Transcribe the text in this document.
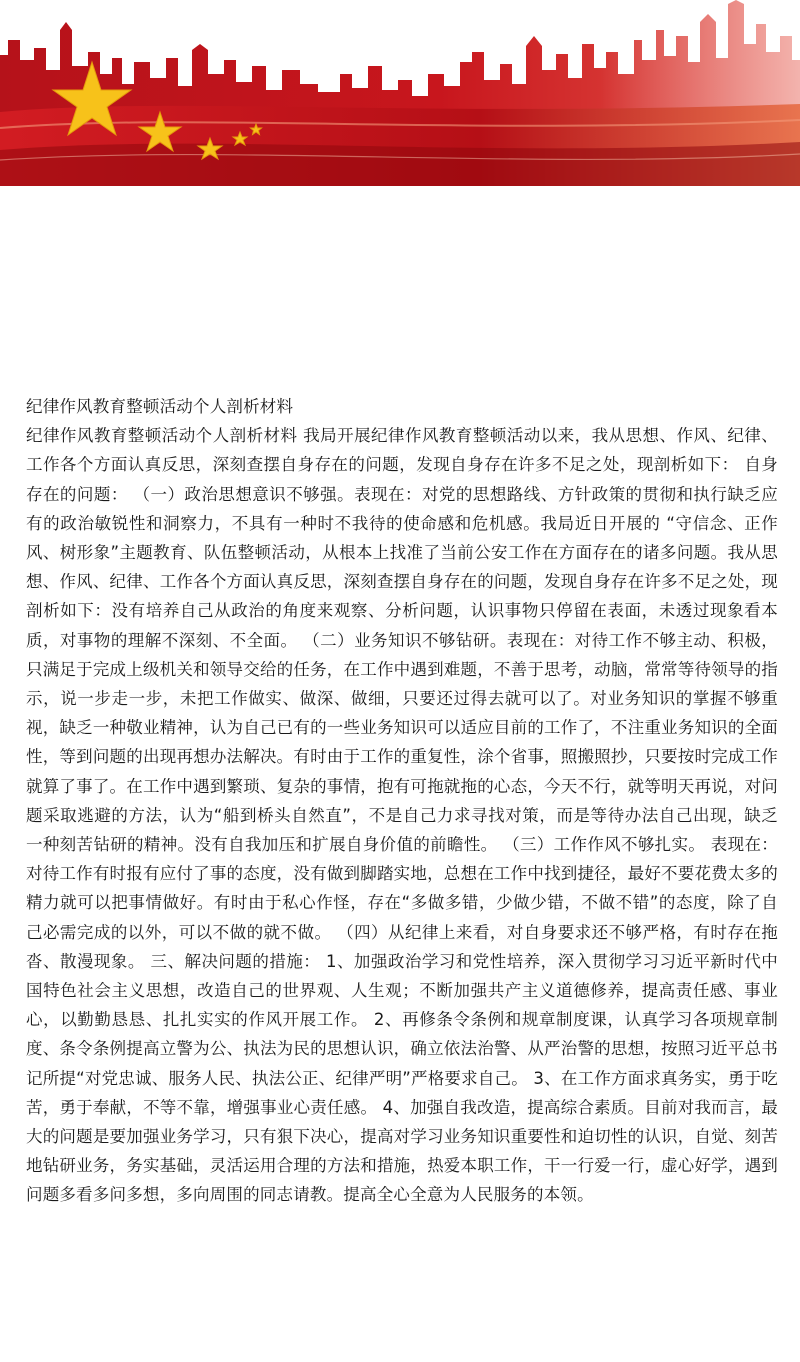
纪律作风教育整顿活动个人剖析材料

纪律作风教育整顿活动个人剖析材料 我局开展纪律作风教育整顿活动以来，我从思想、作风、纪律、工作各个方面认真反思，深刻查摆自身存在的问题，发现自身存在许多不足之处，现剖析如下： 自身存在的问题： （一）政治思想意识不够强。表现在：对党的思想路线、方针政策的贯彻和执行缺乏应有的政治敏锐性和洞察力，不具有一种时不我待的使命感和危机感。我局近日开展的 “守信念、正作风、树形象”主题教育、队伍整顿活动，从根本上找准了当前公安工作在方面存在的诸多问题。我从思想、作风、纪律、工作各个方面认真反思，深刻查摆自身存在的问题，发现自身存在许多不足之处，现剖析如下：没有培养自己从政治的角度来观察、分析问题，认识事物只停留在表面，未透过现象看本质，对事物的理解不深刻、不全面。 （二）业务知识不够钻研。表现在：对待工作不够主动、积极，只满足于完成上级机关和领导交给的任务，在工作中遇到难题，不善于思考，动脑，常常等待领导的指示，说一步走一步，未把工作做实、做深、做细，只要还过得去就可以了。对业务知识的掌握不够重视，缺乏一种敬业精神，认为自己已有的一些业务知识可以适应目前的工作了，不注重业务知识的全面性，等到问题的出现再想办法解决。有时由于工作的重复性，涂个省事，照搬照抄，只要按时完成工作就算了事了。在工作中遇到繁琐、复杂的事情，抱有可拖就拖的心态，今天不行，就等明天再说，对问题采取逃避的方法，认为“船到桥头自然直”，不是自己力求寻找对策，而是等待办法自己出现，缺乏一种刻苦钻研的精神。没有自我加压和扩展自身价值的前瞻性。 （三）工作作风不够扎实。 表现在：对待工作有时报有应付了事的态度，没有做到脚踏实地，总想在工作中找到捷径，最好不要花费太多的精力就可以把事情做好。有时由于私心作怪，存在“多做多错，少做少错，不做不错”的态度，除了自己必需完成的以外，可以不做的就不做。 （四）从纪律上来看，对自身要求还不够严格，有时存在拖沓、散漫现象。 三、解决问题的措施： 1、加强政治学习和党性培养，深入贯彻学习习近平新时代中国特色社会主义思想，改造自己的世界观、人生观；不断加强共产主义道德修养，提高责任感、事业心，以勤勤恳恳、扎扎实实的作风开展工作。 2、再修条令条例和规章制度课，认真学习各项规章制度、条令条例提高立警为公、执法为民的思想认识，确立依法治警、从严治警的思想，按照习近平总书记所提“对党忠诚、服务人民、执法公正、纪律严明”严格要求自己。 3、在工作方面求真务实，勇于吃苦，勇于奉献，不等不靠，增强事业心责任感。 4、加强自我改造，提高综合素质。目前对我而言，最大的问题是要加强业务学习，只有狠下决心，提高对学习业务知识重要性和迫切性的认识，自觉、刻苦地钻研业务，务实基础，灵活运用合理的方法和措施，热爱本职工作，干一行爱一行，虚心好学，遇到问题多看多问多想，多向周围的同志请教。提高全心全意为人民服务的本领。
